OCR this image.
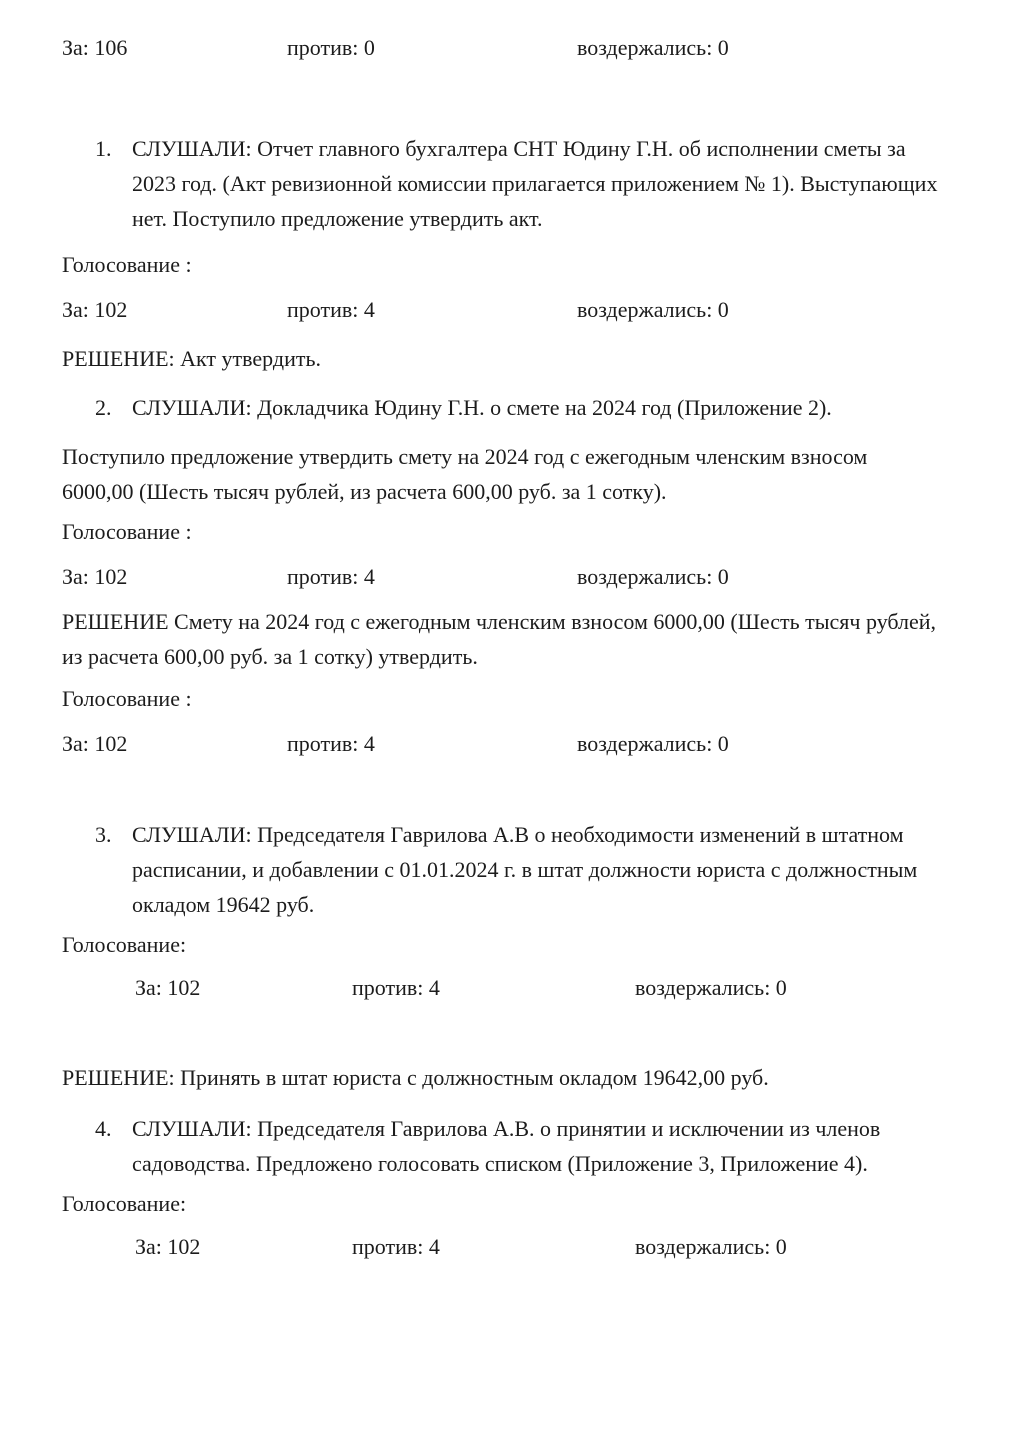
За: 106	против: 0	воздержались: 0
1. СЛУШАЛИ: Отчет главного бухгалтера СНТ Юдину Г.Н. об исполнении сметы за 2023 год. (Акт ревизионной комиссии прилагается приложением № 1). Выступающих нет. Поступило предложение утвердить акт.
Голосование :
За: 102	против: 4	воздержались: 0
РЕШЕНИЕ: Акт утвердить.
2. СЛУШАЛИ: Докладчика Юдину Г.Н. о смете на 2024 год (Приложение 2).
Поступило предложение утвердить смету на 2024 год с ежегодным членским взносом 6000,00 (Шесть тысяч рублей, из расчета 600,00 руб. за 1 сотку).
Голосование :
За: 102	против: 4	воздержались: 0
РЕШЕНИЕ Смету на 2024 год с ежегодным членским взносом 6000,00 (Шесть тысяч рублей, из расчета 600,00 руб. за 1 сотку) утвердить.
Голосование :
За: 102	против: 4	воздержались: 0
3. СЛУШАЛИ: Председателя Гаврилова А.В о необходимости изменений в штатном расписании, и добавлении с 01.01.2024 г. в штат должности юриста с должностным окладом 19642 руб.
Голосование:
За: 102	против: 4	воздержались: 0
РЕШЕНИЕ: Принять в штат юриста с должностным окладом 19642,00 руб.
4. СЛУШАЛИ: Председателя Гаврилова А.В. о принятии и исключении из членов садоводства. Предложено голосовать списком (Приложение 3, Приложение 4).
Голосование:
За: 102	против: 4	воздержались: 0
